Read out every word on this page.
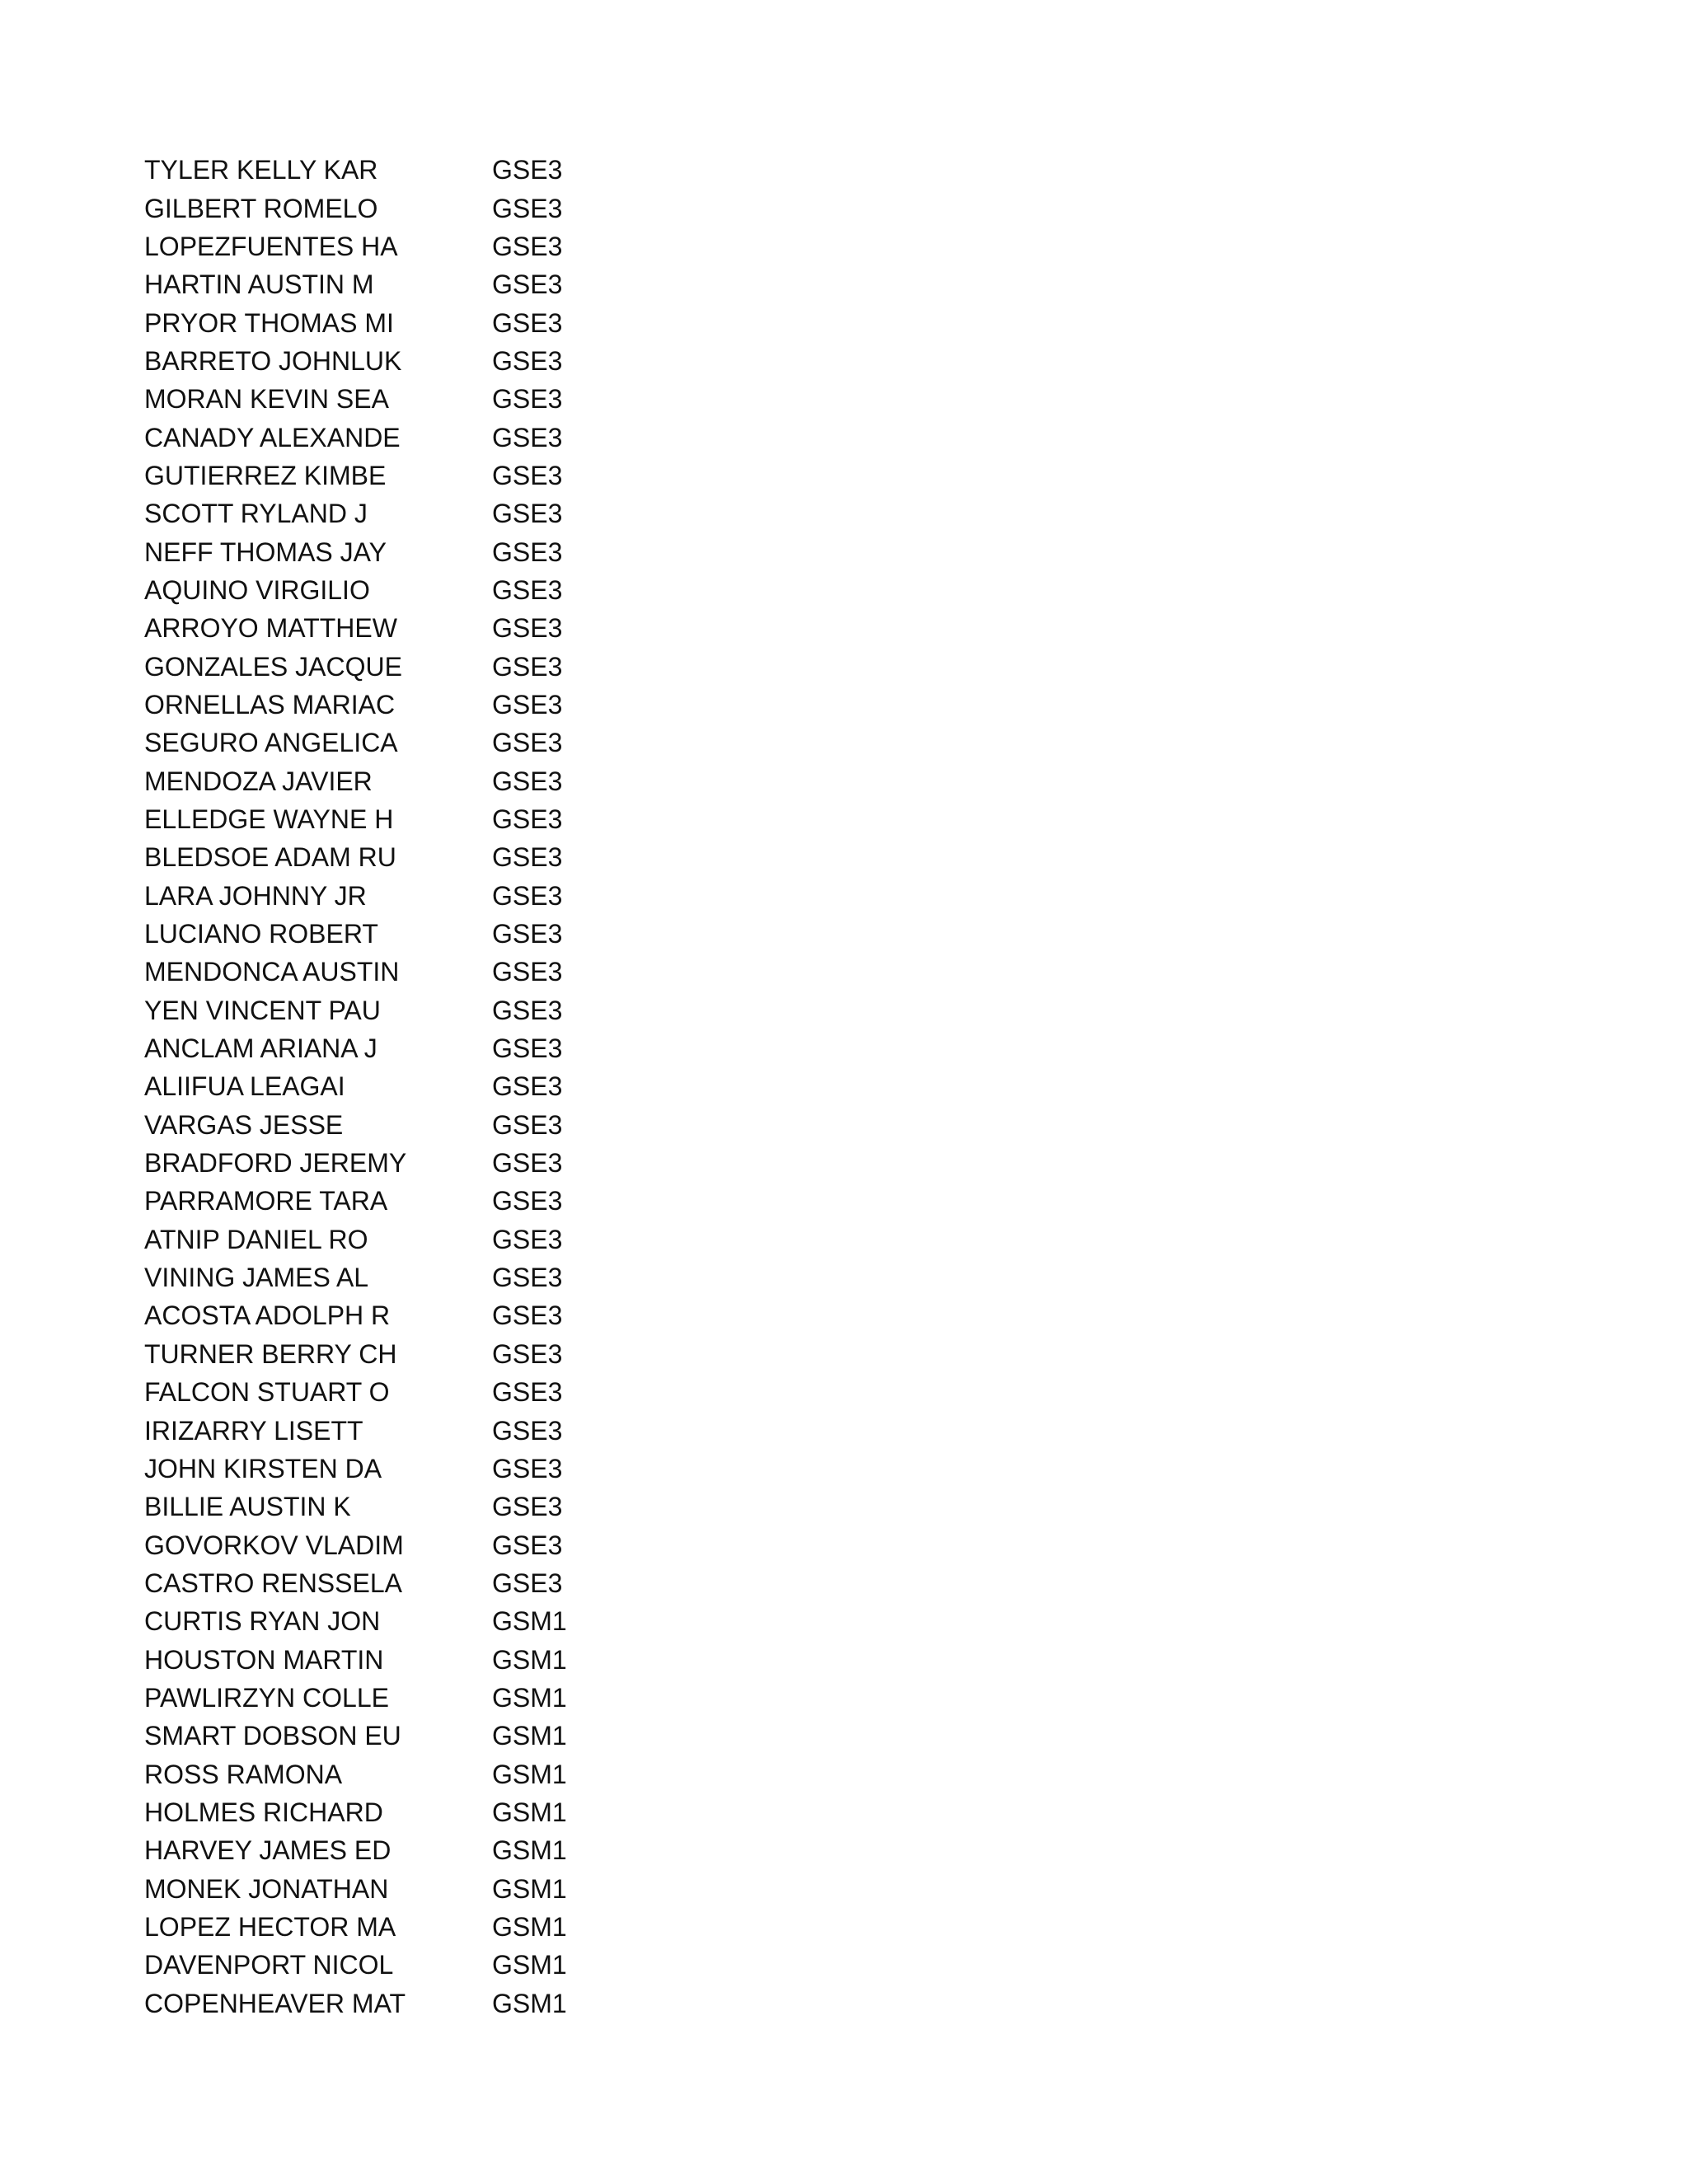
TYLER KELLY KAR	GSE3
GILBERT ROMELO	GSE3
LOPEZFUENTES HA	GSE3
HARTIN AUSTIN M	GSE3
PRYOR THOMAS MI	GSE3
BARRETO JOHNLUK	GSE3
MORAN KEVIN SEA	GSE3
CANADY ALEXANDE	GSE3
GUTIERREZ KIMBE	GSE3
SCOTT RYLAND J	GSE3
NEFF THOMAS JAY	GSE3
AQUINO VIRGILIO	GSE3
ARROYO MATTHEW	GSE3
GONZALES JACQUE	GSE3
ORNELLAS MARIAC	GSE3
SEGURO ANGELICA	GSE3
MENDOZA JAVIER	GSE3
ELLEDGE WAYNE H	GSE3
BLEDSOE ADAM RU	GSE3
LARA JOHNNY JR	GSE3
LUCIANO ROBERT	GSE3
MENDONCA AUSTIN	GSE3
YEN VINCENT PAU	GSE3
ANCLAM ARIANA J	GSE3
ALIIFUA LEAGAI	GSE3
VARGAS JESSE	GSE3
BRADFORD JEREMY	GSE3
PARRAMORE TARA	GSE3
ATNIP DANIEL RO	GSE3
VINING JAMES AL	GSE3
ACOSTA ADOLPH R	GSE3
TURNER BERRY CH	GSE3
FALCON STUART O	GSE3
IRIZARRY LISETT	GSE3
JOHN KIRSTEN DA	GSE3
BILLIE AUSTIN K	GSE3
GOVORKOV VLADIM	GSE3
CASTRO RENSSELA	GSE3
CURTIS RYAN JON	GSM1
HOUSTON MARTIN	GSM1
PAWLIRZYN COLLE	GSM1
SMART DOBSON EU	GSM1
ROSS RAMONA	GSM1
HOLMES RICHARD	GSM1
HARVEY JAMES ED	GSM1
MONEK JONATHAN	GSM1
LOPEZ HECTOR MA	GSM1
DAVENPORT NICOL	GSM1
COPENHEAVER MAT	GSM1
